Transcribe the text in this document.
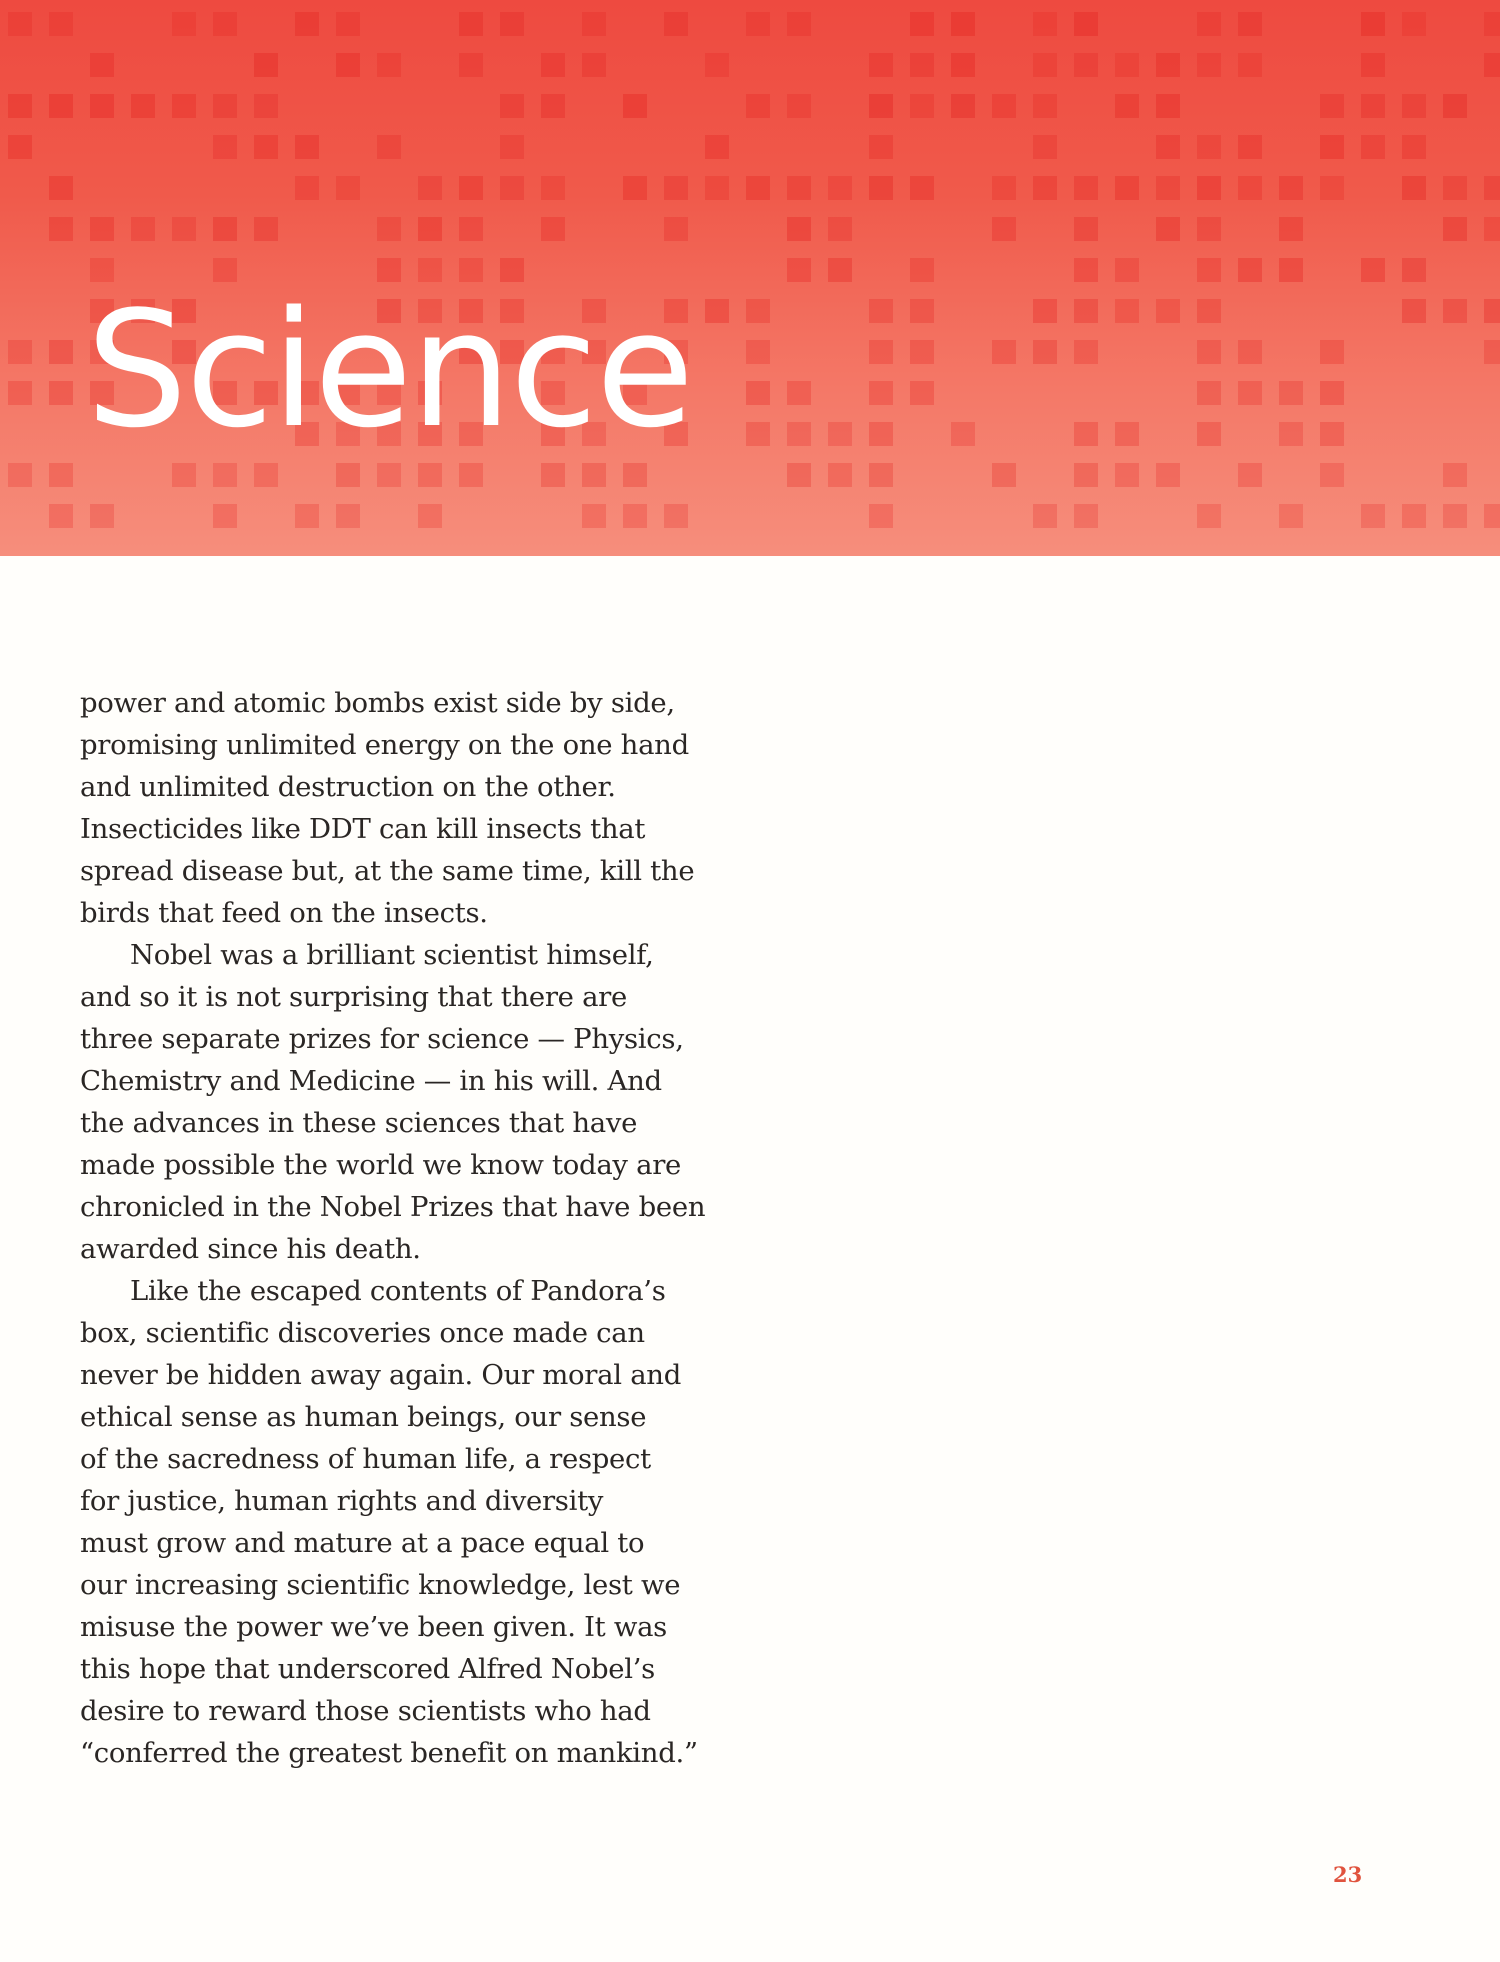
Science

power and atomic bombs exist side by side,
promising unlimited energy on the one hand
and unlimited destruction on the other.
Insecticides like DDT can kill insects that
spread disease but, at the same time, kill the
birds that feed on the insects.

Nobel was a brilliant scientist himself,
and so it is not surprising that there are
three separate prizes for science — Physics,
Chemistry and Medicine — in his will. And
the advances in these sciences that have
made possible the world we know today are
chronicled in the Nobel Prizes that have been
awarded since his death.

Like the escaped contents of Pandora’s
box, scientific discoveries once made can
never be hidden away again. Our moral and
ethical sense as human beings, our sense
of the sacredness of human life, a respect
for justice, human rights and diversity
must grow and mature at a pace equal to
our increasing scientific knowledge, lest we
misuse the power we’ve been given. It was
this hope that underscored Alfred Nobel’s
desire to reward those scientists who had
“conferred the greatest benefit on mankind.”

23
